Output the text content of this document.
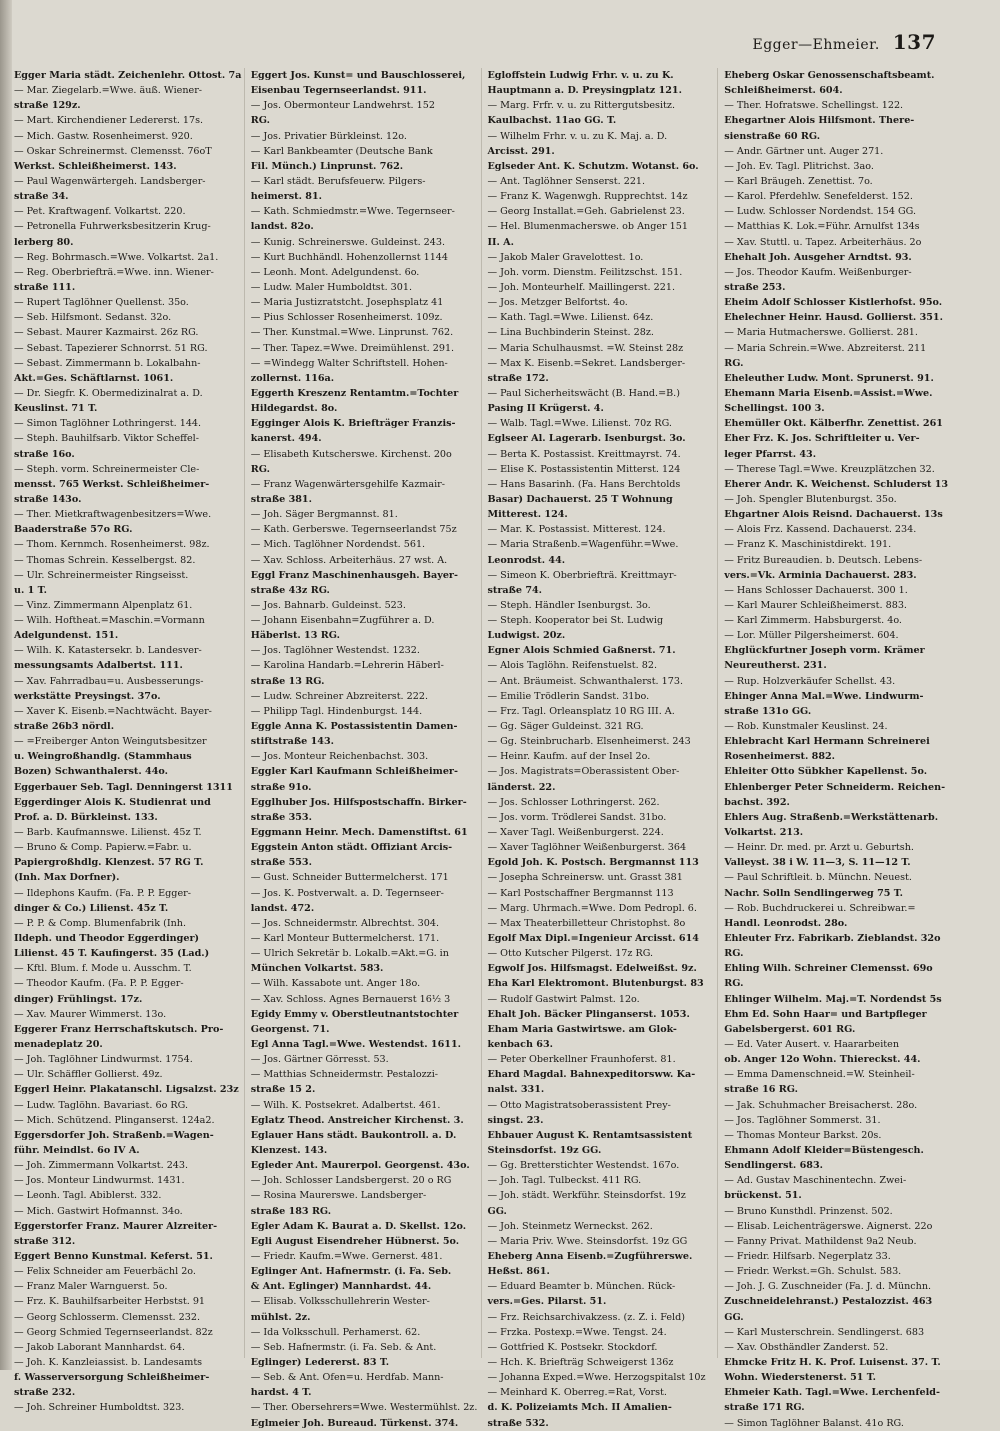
Egger—Ehmeier. 137
Egger Maria städt. Zeichenlehr. Ottost. 7a
— Mar. Ziegelarb.=Wwe. äuß. Wiener-
straße 129z.
— Mart. Kirchendiener Ledererst. 17s.
— Mich. Gastw. Rosenheimerst. 920.
— Oskar Schreinermst. Clemensst. 76oT
Werkst. Schleißheimerst. 143.
— Paul Wagenwärtergeh. Landsberger-
straße 34.
— Pet. Kraftwagenf. Volkartst. 220.
— Petronella Fuhrwerksbesitzerin Krug-
lerberg 80.
— Reg. Bohrmasch.=Wwe. Volkartst. 2a1.
— Reg. Oberbriefträ.=Wwe. inn. Wiener-
straße 111.
— Rupert Taglöhner Quellenst. 35o.
— Seb. Hilfsmont. Sedanst. 32o.
— Sebast. Maurer Kazmairst. 26z RG.
— Sebast. Tapezierer Schnorrst. 51 RG.
— Sebast. Zimmermann b. Lokalbahn-
Akt.=Ges. Schäftlarnst. 1061.
— Dr. Siegfr. K. Obermedizinalrat a. D.
Keuslinst. 71 T.
— Simon Taglöhner Lothringerst. 144.
— Steph. Bauhilfsarb. Viktor Scheffel-
straße 16o.
— Steph. vorm. Schreinermeister Cle-
mensst. 765 Werkst. Schleißheimer-
straße 143o.
— Ther. Mietkraftwagenbesitzers=Wwe.
Baaderstraße 57o RG.
— Thom. Kernmch. Rosenheimerst. 98z.
— Thomas Schrein. Kesselbergst. 82.
— Ulr. Schreinermeister Ringseisst.
u. 1 T.
— Vinz. Zimmermann Alpenplatz 61.
— Wilh. Hoftheat.=Maschin.=Vormann
Adelgundenst. 151.
— Wilh. K. Katastersekr. b. Landesver-
messungsamts Adalbertst. 111.
— Xav. Fahrradbau=u. Ausbesserungs-
werkstätte Preysingst. 37o.
— Xaver K. Eisenb.=Nachtwächt. Bayer-
straße 26b3 nördl.
— =Freiberger Anton Weingutsbesitzer
u. Weingroßhandlg. (Stammhaus
Bozen) Schwanthalerst. 44o.
Eggerbauer Seb. Tagl. Denningerst 1311
Eggerdinger Alois K. Studienrat und
Prof. a. D. Bürkleinst. 133.
— Barb. Kaufmannswe. Lilienst. 45z T.
— Bruno & Comp. Papierw.=Fabr. u.
Papiergroßhdlg. Klenzest. 57 RG T.
(Inh. Max Dorfner).
— Ildephons Kaufm. (Fa. P. P. Egger-
dinger & Co.) Lilienst. 45z T.
— P. P. & Comp. Blumenfabrik (Inh.
Ildeph. und Theodor Eggerdinger)
Lilienst. 45 T. Kaufingerst. 35 (Lad.)
— Kftl. Blum. f. Mode u. Ausschm. T.
— Theodor Kaufm. (Fa. P. P. Egger-
dinger) Frühlingst. 17z.
— Xav. Maurer Wimmerst. 13o.
Eggerer Franz Herrschaftskutsch. Pro-
menadeplatz 20.
— Joh. Taglöhner Lindwurmst. 1754.
— Ulr. Schäffler Gollierst. 49z.
Eggerl Heinr. Plakatanschl. Ligsalzst. 23z
— Ludw. Taglöhn. Bavariast. 6o RG.
— Mich. Schützend. Plinganserst. 124a2.
Eggersdorfer Joh. Straßenb.=Wagen-
führ. Meindlst. 6o IV A.
— Joh. Zimmermann Volkartst. 243.
— Jos. Monteur Lindwurmst. 1431.
— Leonh. Tagl. Abiblerst. 332.
— Mich. Gastwirt Hofmannst. 34o.
Eggerstorfer Franz. Maurer Alzreiter-
straße 312.
Eggert Benno Kunstmal. Keferst. 51.
— Felix Schneider am Feuerbächl 2o.
— Franz Maler Warnguerst. 5o.
— Frz. K. Bauhilfsarbeiter Herbstst. 91
— Georg Schlosserm. Clemensst. 232.
— Georg Schmied Tegernseerlandst. 82z
— Jakob Laborant Mannhardst. 64.
— Joh. K. Kanzleiassist. b. Landesamts
f. Wasserversorgung Schleißheimer-
straße 232.
— Joh. Schreiner Humboldtst. 323.
Eggert Jos. Kunst= und Bauschlosserei,
Eisenbau Tegernseerlandst. 911.
— Jos. Obermonteur Landwehrst. 152
RG.
— Jos. Privatier Bürkleinst. 12o.
— Karl Bankbeamter (Deutsche Bank
Fil. Münch.) Linprunst. 762.
— Karl städt. Berufsfeuerw. Pilgers-
heimerst. 81.
— Kath. Schmiedmstr.=Wwe. Tegernseer-
landst. 82o.
— Kunig. Schreinerswe. Guldeinst. 243.
— Kurt Buchhändl. Hohenzollernst 1144
— Leonh. Mont. Adelgundenst. 6o.
— Ludw. Maler Humboldtst. 301.
— Maria Justizratstcht. Josephsplatz 41
— Pius Schlosser Rosenheimerst. 109z.
— Ther. Kunstmal.=Wwe. Linprunst. 762.
— Ther. Tapez.=Wwe. Dreimühlenst. 291.
— =Windegg Walter Schriftstell. Hohen-
zollernst. 116a.
Eggerth Kreszenz Rentamtm.=Tochter
Hildegardst. 8o.
Egginger Alois K. Briefträger Franzis-
kanerst. 494.
— Elisabeth Kutscherswe. Kirchenst. 20o
RG.
— Franz Wagenwärtersgehilfe Kazmair-
straße 381.
— Joh. Säger Bergmannst. 81.
— Kath. Gerberswe. Tegernseerlandst 75z
— Mich. Taglöhner Nordendst. 561.
— Xav. Schloss. Arbeiterhäus. 27 wst. A.
Eggl Franz Maschinenhausgeh. Bayer-
straße 43z RG.
— Jos. Bahnarb. Guldeinst. 523.
— Johann Eisenbahn=Zugführer a. D.
Häberlst. 13 RG.
— Jos. Taglöhner Westendst. 1232.
— Karolina Handarb.=Lehrerin Häberl-
straße 13 RG.
— Ludw. Schreiner Abzreiterst. 222.
— Philipp Tagl. Hindenburgst. 144.
Eggle Anna K. Postassistentin Damen-
stiftstraße 143.
— Jos. Monteur Reichenbachst. 303.
Eggler Karl Kaufmann Schleißheimer-
straße 91o.
Egglhuber Jos. Hilfspostschaffn. Birker-
straße 353.
Eggmann Heinr. Mech. Damenstiftst. 61
Eggstein Anton städt. Offiziant Arcis-
straße 553.
— Gust. Schneider Buttermelcherst. 171
— Jos. K. Postverwalt. a. D. Tegernseer-
landst. 472.
— Jos. Schneidermstr. Albrechtst. 304.
— Karl Monteur Buttermelcherst. 171.
— Ulrich Sekretär b. Lokalb.=Akt.=G. in
München Volkartst. 583.
— Wilh. Kassabote unt. Anger 18o.
— Xav. Schloss. Agnes Bernauerst 16¹⁄₂ 3
Egidy Emmy v. Oberstleutnantstochter
Georgenst. 71.
Egl Anna Tagl.=Wwe. Westendst. 1611.
— Jos. Gärtner Görresst. 53.
— Matthias Schneidermstr. Pestalozzi-
straße 15 2.
— Wilh. K. Postsekret. Adalbertst. 461.
Eglatz Theod. Anstreicher Kirchenst. 3.
Eglauer Hans städt. Baukontroll. a. D.
Klenzest. 143.
Egleder Ant. Maurerpol. Georgenst. 43o.
— Joh. Schlosser Landsbergerst. 20 o RG
— Rosina Maurerswe. Landsberger-
straße 183 RG.
Egler Adam K. Baurat a. D. Skellst. 12o.
Egli August Eisendreher Hübnerst. 5o.
— Friedr. Kaufm.=Wwe. Gernerst. 481.
Eglinger Ant. Hafnermstr. (i. Fa. Seb.
& Ant. Eglinger) Mannhardst. 44.
— Elisab. Volksschullehrerin Wester-
mühlst. 2z.
— Ida Volksschull. Perhamerst. 62.
— Seb. Hafnermstr. (i. Fa. Seb. & Ant.
Eglinger) Ledererst. 83 T.
— Seb. & Ant. Ofen=u. Herdfab. Mann-
hardst. 4 T.
— Ther. Obersehrers=Wwe. Westermühlst. 2z.
Eglmeier Joh. Bureaud. Türkenst. 374.
Egloffstein Ludwig Frhr. v. u. zu K.
Hauptmann a. D. Preysingplatz 121.
— Marg. Frfr. v. u. zu Rittergutsbesitz.
Kaulbachst. 11ao GG. T.
— Wilhelm Frhr. v. u. zu K. Maj. a. D.
Arcisst. 291.
Eglseder Ant. K. Schutzm. Wotanst. 6o.
— Ant. Taglöhner Senserst. 221.
— Franz K. Wagenwgh. Rupprechtst. 14z
— Georg Installat.=Geh. Gabrielenst 23.
— Hel. Blumenmacherswe. ob Anger 151
II. A.
— Jakob Maler Gravelottest. 1o.
— Joh. vorm. Dienstm. Feilitzschst. 151.
— Joh. Monteurhelf. Maillingerst. 221.
— Jos. Metzger Belfortst. 4o.
— Kath. Tagl.=Wwe. Lilienst. 64z.
— Lina Buchbinderin Steinst. 28z.
— Maria Schulhausmst. =W. Steinst 28z
— Max K. Eisenb.=Sekret. Landsberger-
straße 172.
— Paul Sicherheitswächt (B. Hand.=B.)
Pasing II Krügerst. 4.
— Walb. Tagl.=Wwe. Lilienst. 70z RG.
Eglseer Al. Lagerarb. Isenburgst. 3o.
— Berta K. Postassist. Kreittmayrst. 74.
— Elise K. Postassistentin Mitterst. 124
— Hans Basarinh. (Fa. Hans Berchtolds
Basar) Dachauerst. 25 T Wohnung
Mitterest. 124.
— Mar. K. Postassist. Mitterest. 124.
— Maria Straßenb.=Wagenführ.=Wwe.
Leonrodst. 44.
— Simeon K. Oberbriefträ. Kreittmayr-
straße 74.
— Steph. Händler Isenburgst. 3o.
— Steph. Kooperator bei St. Ludwig
Ludwigst. 20z.
Egner Alois Schmied Gaßnerst. 71.
— Alois Taglöhn. Reifenstuelst. 82.
— Ant. Bräumeist. Schwanthalerst. 173.
— Emilie Trödlerin Sandst. 31bo.
— Frz. Tagl. Orleansplatz 10 RG III. A.
— Gg. Säger Guldeinst. 321 RG.
— Gg. Steinbrucharb. Elsenheimerst. 243
— Heinr. Kaufm. auf der Insel 2o.
— Jos. Magistrats=Oberassistent Ober-
länderst. 22.
— Jos. Schlosser Lothringerst. 262.
— Jos. vorm. Trödlerei Sandst. 31bo.
— Xaver Tagl. Weißenburgerst. 224.
— Xaver Taglöhner Weißenburgerst. 364
Egold Joh. K. Postsch. Bergmannst 113
— Josepha Schreinersw. unt. Grasst 381
— Karl Postschaffner Bergmannst 113
— Marg. Uhrmach.=Wwe. Dom Pedropl. 6.
— Max Theaterbilletteur Christophst. 8o
Egolf Max Dipl.=Ingenieur Arcisst. 614
— Otto Kutscher Pilgerst. 17z RG.
Egwolf Jos. Hilfsmagst. Edelweißst. 9z.
Eha Karl Elektromont. Blutenburgst. 83
— Rudolf Gastwirt Palmst. 12o.
Ehalt Joh. Bäcker Plinganserst. 1053.
Eham Maria Gastwirtswe. am Glok-
kenbach 63.
— Peter Oberkellner Fraunhoferst. 81.
Ehard Magdal. Bahnexpeditorsww. Ka-
nalst. 331.
— Otto Magistratsoberassistent Prey-
singst. 23.
Ehbauer August K. Rentamtsassistent
Steinsdorfst. 19z GG.
— Gg. Bretterstichter Westendst. 167o.
— Joh. Tagl. Tulbeckst. 411 RG.
— Joh. städt. Werkführ. Steinsdorfst. 19z
GG.
— Joh. Steinmetz Werneckst. 262.
— Maria Priv. Wwe. Steinsdorfst. 19z GG
Eheberg Anna Eisenb.=Zugführerswe.
Heßst. 861.
— Eduard Beamter b. München. Rück-
vers.=Ges. Pilarst. 51.
— Frz. Reichsarchivakzess. (z. Z. i. Feld)
— Frzka. Postexp.=Wwe. Tengst. 24.
— Gottfried K. Postsekr. Stockdorf.
— Hch. K. Briefträg Schweigerst 136z
— Johanna Exped.=Wwe. Herzogspitalst 10z
— Meinhard K. Oberreg.=Rat, Vorst.
d. K. Polizeiamts Mch. II Amalien-
straße 532.
Eheberg Oskar Genossenschaftsbeamt.
Schleißheimerst. 604.
— Ther. Hofratswe. Schellingst. 122.
Ehegartner Alois Hilfsmont. There-
sienstraße 60 RG.
— Andr. Gärtner unt. Auger 271.
— Joh. Ev. Tagl. Plitrichst. 3ao.
— Karl Bräugeh. Zenettist. 7o.
— Karol. Pferdehlw. Senefelderst. 152.
— Ludw. Schlosser Nordendst. 154 GG.
— Matthias K. Lok.=Führ. Arnulfst 134s
— Xav. Stuttl. u. Tapez. Arbeiterhäus. 2o
Ehehalt Joh. Ausgeher Arndtst. 93.
— Jos. Theodor Kaufm. Weißenburger-
straße 253.
Eheim Adolf Schlosser Kistlerhofst. 95o.
Ehelechner Heinr. Hausd. Gollierst. 351.
— Maria Hutmacherswe. Gollierst. 281.
— Maria Schrein.=Wwe. Abzreiterst. 211
RG.
Eheleuther Ludw. Mont. Sprunerst. 91.
Ehemann Maria Eisenb.=Assist.=Wwe.
Schellingst. 100 3.
Ehemüller Okt. Kälberfhr. Zenettist. 261
Eher Frz. K. Jos. Schriftleiter u. Ver-
leger Pfarrst. 43.
— Therese Tagl.=Wwe. Kreuzplätzchen 32.
Eherer Andr. K. Weichenst. Schluderst 13
— Joh. Spengler Blutenburgst. 35o.
Ehgartner Alois Reisnd. Dachauerst. 13s
— Alois Frz. Kassend. Dachauerst. 234.
— Franz K. Maschinistdirekt. 191.
— Fritz Bureaudien. b. Deutsch. Lebens-
vers.=Vk. Arminia Dachauerst. 283.
— Hans Schlosser Dachauerst. 300 1.
— Karl Maurer Schleißheimerst. 883.
— Karl Zimmerm. Habsburgerst. 4o.
— Lor. Müller Pilgersheimerst. 604.
Ehglückfurtner Joseph vorm. Krämer
Neureutherst. 231.
— Rup. Holzverkäufer Schellst. 43.
Ehinger Anna Mal.=Wwe. Lindwurm-
straße 131o GG.
— Rob. Kunstmaler Keuslinst. 24.
Ehlebracht Karl Hermann Schreinerei
Rosenheimerst. 882.
Ehleiter Otto Sübkher Kapellenst. 5o.
Ehlenberger Peter Schneiderm. Reichen-
bachst. 392.
Ehlers Aug. Straßenb.=Werkstättenarb.
Volkartst. 213.
— Heinr. Dr. med. pr. Arzt u. Geburtsh.
Valleyst. 38 i W. 11—3, S. 11—12 T.
— Paul Schriftleit. b. Münchn. Neuest.
Nachr. Solln Sendlingerweg 75 T.
— Rob. Buchdruckerei u. Schreibwar.=
Handl. Leonrodst. 28o.
Ehleuter Frz. Fabrikarb. Zieblandst. 32o
RG.
Ehling Wilh. Schreiner Clemensst. 69o
RG.
Ehlinger Wilhelm. Maj.=T. Nordendst 5s
Ehm Ed. Sohn Haar= und Bartpfleger
Gabelsbergerst. 601 RG.
— Ed. Vater Ausert. v. Haararbeiten
ob. Anger 12o Wohn. Thiereckst. 44.
— Emma Damenschneid.=W. Steinheil-
straße 16 RG.
— Jak. Schuhmacher Breisacherst. 28o.
— Jos. Taglöhner Sommerst. 31.
— Thomas Monteur Barkst. 20s.
Ehmann Adolf Kleider=Büstengesch.
Sendlingerst. 683.
— Ad. Gustav Maschinentechn. Zwei-
brückenst. 51.
— Bruno Kunsthdl. Prinzenst. 502.
— Elisab. Leichenträgerswe. Aignerst. 22o
— Fanny Privat. Mathildenst 9a2 Neub.
— Friedr. Hilfsarb. Negerplatz 33.
— Friedr. Werkst.=Gh. Schulst. 583.
— Joh. J. G. Zuschneider (Fa. J. d. Münchn.
Zuschneidelehranst.) Pestalozzist. 463
GG.
— Karl Musterschrein. Sendlingerst. 683
— Xav. Obsthändler Zanderst. 52.
Ehmcke Fritz H. K. Prof. Luisenst. 37. T.
Wohn. Wiederstenerst. 51 T.
Ehmeier Kath. Tagl.=Wwe. Lerchenfeld-
straße 171 RG.
— Simon Taglöhner Balanst. 41o RG.
